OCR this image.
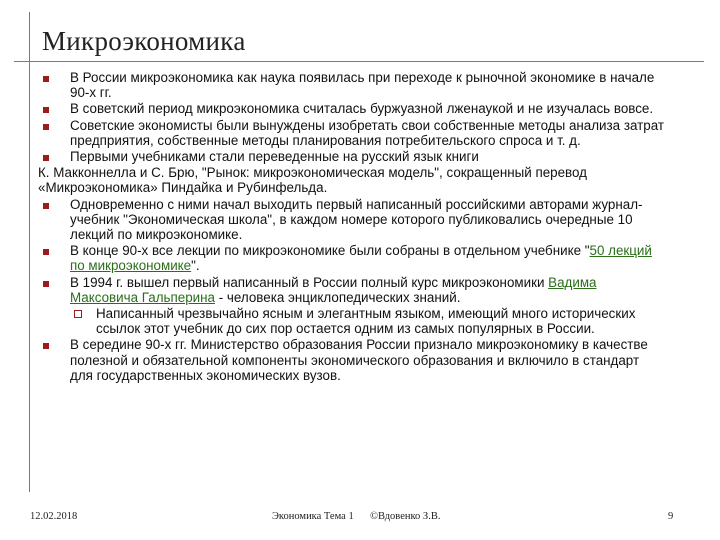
Микроэкономика
В России микроэкономика как наука появилась при переходе к рыночной экономике в начале 90-х гг.
В советский период микроэкономика считалась буржуазной лженаукой и не изучалась вовсе.
Советские экономисты были вынуждены изобретать свои собственные методы анализа затрат предприятия, собственные методы планирования потребительского спроса и т. д.
Первыми учебниками стали переведенные на русский язык книги
К. Макконнелла и С. Брю, "Рынок: микроэкономическая модель", сокращенный перевод «Микроэкономика» Пиндайка и Рубинфельда.
Одновременно с ними начал выходить первый написанный российскими авторами журнал-учебник "Экономическая школа", в каждом номере которого публиковались очередные 10 лекций по микроэкономике.
В конце 90-х все лекции по микроэкономике были собраны в отдельном учебнике "50 лекций по микроэкономике".
В 1994 г. вышел первый написанный в России полный курс микроэкономики Вадима Максовича Гальперина - человека энциклопедических знаний.
Написанный чрезвычайно ясным и элегантным языком, имеющий много исторических ссылок этот учебник до сих пор остается одним из самых популярных в России.
В середине 90-х гг. Министерство образования России признало микроэкономику в качестве полезной и обязательной компоненты экономического образования и включило в стандарт для государственных экономических вузов.
12.02.2018	Экономика Тема 1 ©Вдовенко З.В.	9
